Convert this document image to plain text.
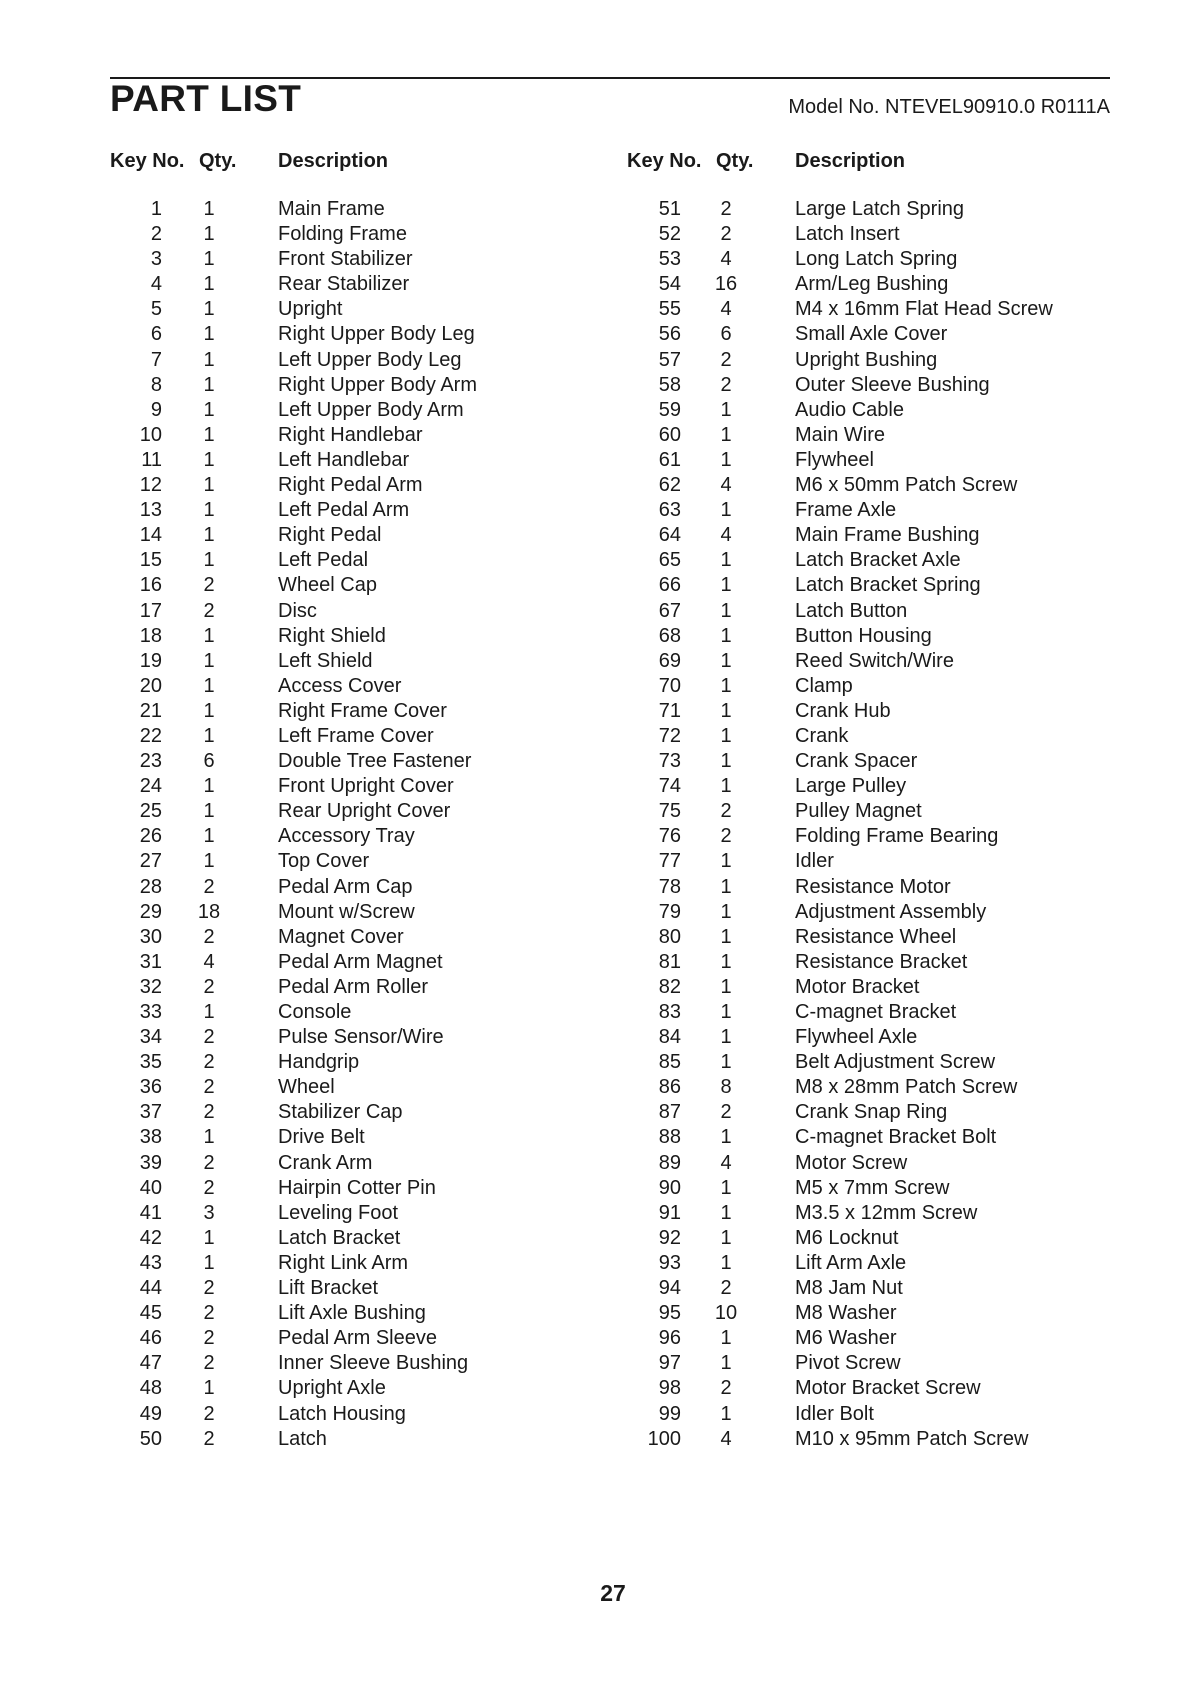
PART LIST	Model No. NTEVEL90910.0 R0111A
Key No. Qty. Description
1	1	Main Frame
2	1	Folding Frame
3	1	Front Stabilizer
4	1	Rear Stabilizer
5	1	Upright
6	1	Right Upper Body Leg
7	1	Left Upper Body Leg
8	1	Right Upper Body Arm
9	1	Left Upper Body Arm
10	1	Right Handlebar
11	1	Left Handlebar
12	1	Right Pedal Arm
13	1	Left Pedal Arm
14	1	Right Pedal
15	1	Left Pedal
16	2	Wheel Cap
17	2	Disc
18	1	Right Shield
19	1	Left Shield
20	1	Access Cover
21	1	Right Frame Cover
22	1	Left Frame Cover
23	6	Double Tree Fastener
24	1	Front Upright Cover
25	1	Rear Upright Cover
26	1	Accessory Tray
27	1	Top Cover
28	2	Pedal Arm Cap
29 18	Mount w/Screw
30	2	Magnet Cover
31	4	Pedal Arm Magnet
32	2	Pedal Arm Roller
33	1	Console
34	2	Pulse Sensor/Wire
35	2	Handgrip
36	2	Wheel
37	2	Stabilizer Cap
38	1	Drive Belt
39	2	Crank Arm
40	2	Hairpin Cotter Pin
41	3	Leveling Foot
42	1	Latch Bracket
43	1	Right Link Arm
44	2	Lift Bracket
45	2	Lift Axle Bushing
46	2	Pedal Arm Sleeve
47	2	Inner Sleeve Bushing
48	1	Upright Axle
49	2	Latch Housing
50	2	Latch
Key No. Qty. Description
51	2	Large Latch Spring
52	2	Latch Insert
53	4	Long Latch Spring
54 16	Arm/Leg Bushing
55	4	M4 x 16mm Flat Head Screw
56	6	Small Axle Cover
57	2	Upright Bushing
58	2	Outer Sleeve Bushing
59	1	Audio Cable
60	1	Main Wire
61	1	Flywheel
62	4	M6 x 50mm Patch Screw
63	1	Frame Axle
64	4	Main Frame Bushing
65	1	Latch Bracket Axle
66	1	Latch Bracket Spring
67	1	Latch Button
68	1	Button Housing
69	1	Reed Switch/Wire
70	1	Clamp
71	1	Crank Hub
72	1	Crank
73	1	Crank Spacer
74	1	Large Pulley
75	2	Pulley Magnet
76	2	Folding Frame Bearing
77	1	Idler
78	1	Resistance Motor
79	1	Adjustment Assembly
80	1	Resistance Wheel
81	1	Resistance Bracket
82	1	Motor Bracket
83	1	C-magnet Bracket
84	1	Flywheel Axle
85	1	Belt Adjustment Screw
86	8	M8 x 28mm Patch Screw
87	2	Crank Snap Ring
88	1	C-magnet Bracket Bolt
89	4	Motor Screw
90	1	M5 x 7mm Screw
91	1	M3.5 x 12mm Screw
92	1	M6 Locknut
93	1	Lift Arm Axle
94	2	M8 Jam Nut
95 10	M8 Washer
96	1	M6 Washer
97	1	Pivot Screw
98	2	Motor Bracket Screw
99	1	Idler Bolt
100	4	M10 x 95mm Patch Screw
27
